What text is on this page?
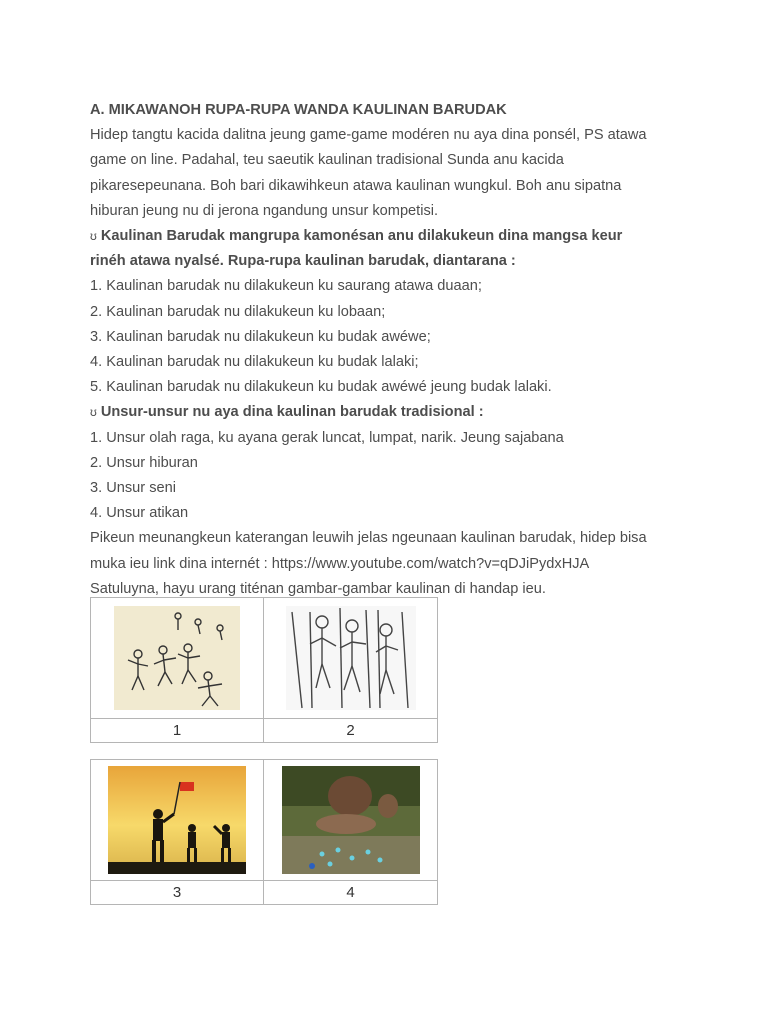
A. MIKAWANOH RUPA-RUPA WANDA KAULINAN BARUDAK
Hidep tangtu kacida dalitna jeung game-game modéren nu aya dina ponsél, PS atawa
game on line. Padahal, teu saeutik kaulinan tradisional Sunda anu kacida
pikaresepeunana. Boh bari dikawihkeun atawa kaulinan wungkul. Boh anu sipatna
hiburan jeung nu di jerona ngandung unsur kompetisi.
ʊ Kaulinan Barudak mangrupa kamonésan anu dilakukeun dina mangsa keur
rinéh atawa nyalsé. Rupa-rupa kaulinan barudak, diantarana :
1. Kaulinan barudak nu dilakukeun ku saurang atawa duaan;
2. Kaulinan barudak nu dilakukeun ku lobaan;
3. Kaulinan barudak nu dilakukeun ku budak awéwe;
4. Kaulinan barudak nu dilakukeun ku budak lalaki;
5. Kaulinan barudak nu dilakukeun ku budak awéwé jeung budak lalaki.
ʊ Unsur-unsur nu aya dina kaulinan barudak tradisional :
1. Unsur olah raga, ku ayana gerak luncat, lumpat, narik. Jeung sajabana
2. Unsur hiburan
3. Unsur seni
4. Unsur atikan
Pikeun meunangkeun katerangan leuwih jelas ngeunaan kaulinan barudak, hidep bisa
muka ieu link dina internét : https://www.youtube.com/watch?v=qDJiPydxHJA
Satuluyna, hayu urang titénan gambar-gambar kaulinan di handap ieu.
1	2
3	4
